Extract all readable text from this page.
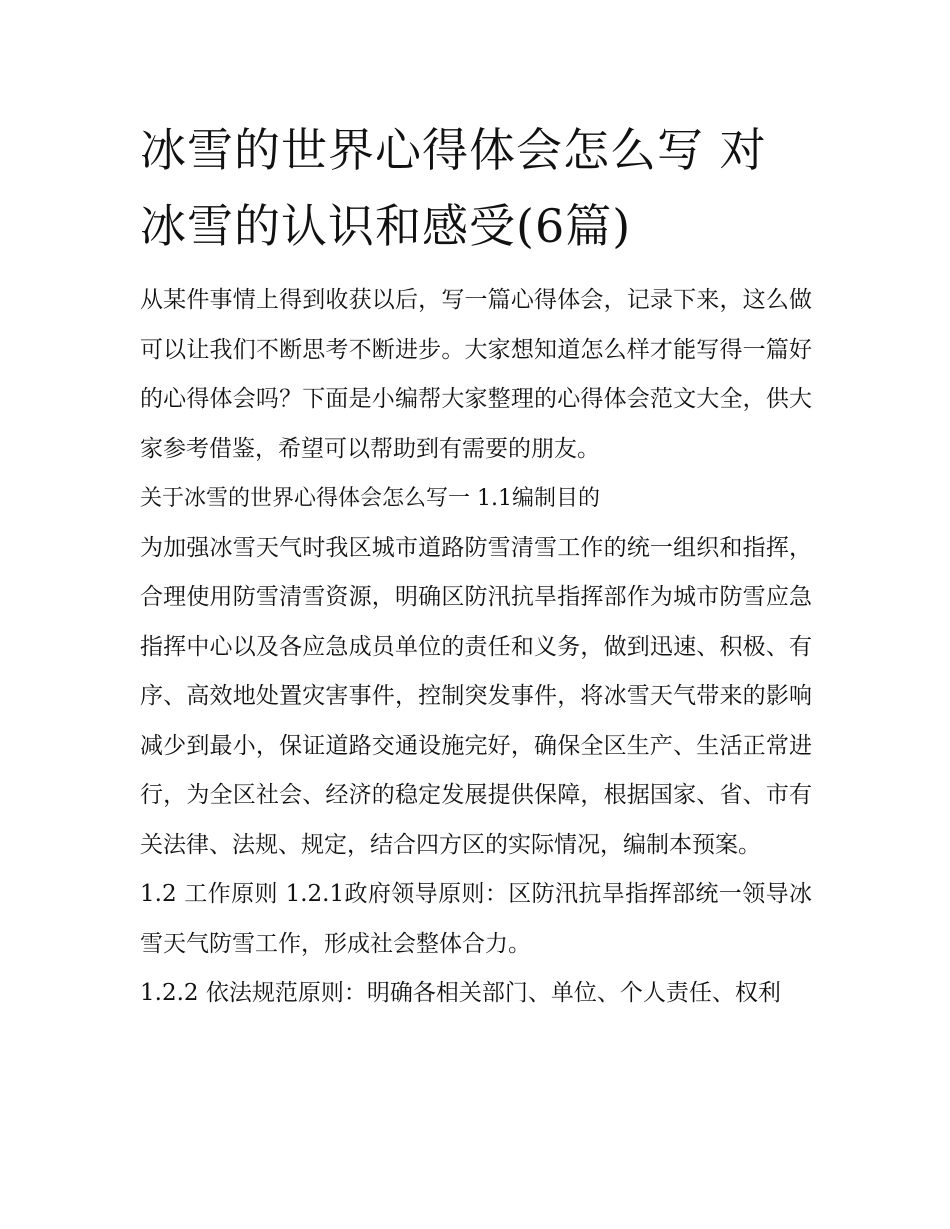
冰雪的世界心得体会怎么写 对冰雪的认识和感受(6篇)

从某件事情上得到收获以后，写一篇心得体会，记录下来，这么做可以让我们不断思考不断进步。大家想知道怎么样才能写得一篇好的心得体会吗？下面是小编帮大家整理的心得体会范文大全，供大家参考借鉴，希望可以帮助到有需要的朋友。

关于冰雪的世界心得体会怎么写一 1.1编制目的

为加强冰雪天气时我区城市道路防雪清雪工作的统一组织和指挥，合理使用防雪清雪资源，明确区防汛抗旱指挥部作为城市防雪应急指挥中心以及各应急成员单位的责任和义务，做到迅速、积极、有序、高效地处置灾害事件，控制突发事件，将冰雪天气带来的影响减少到最小，保证道路交通设施完好，确保全区生产、生活正常进行，为全区社会、经济的稳定发展提供保障，根据国家、省、市有关法律、法规、规定，结合四方区的实际情况，编制本预案。

1.2 工作原则 1.2.1政府领导原则：区防汛抗旱指挥部统一领导冰雪天气防雪工作，形成社会整体合力。

1.2.2 依法规范原则：明确各相关部门、单位、个人责任、权利
